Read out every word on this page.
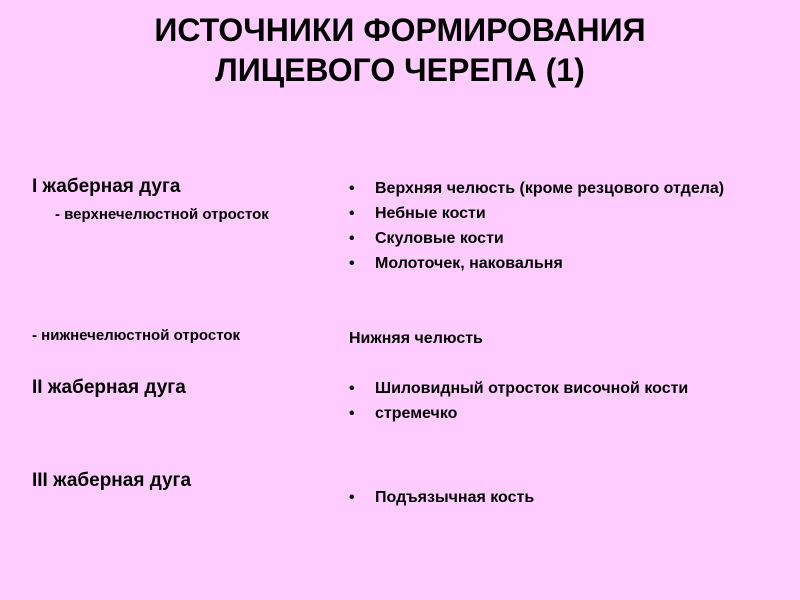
ИСТОЧНИКИ ФОРМИРОВАНИЯ
ЛИЦЕВОГО ЧЕРЕПА (1)
I жаберная дуга
- верхнечелюстной отросток
- нижнечелюстной отросток
II жаберная дуга
III жаберная дуга
• Верхняя челюсть (кроме резцового отдела)
• Небные кости
• Скуловые кости
• Молоточек, наковальня
Нижняя челюсть
• Шиловидный отросток височной кости
• стремечко
• Подъязычная кость
